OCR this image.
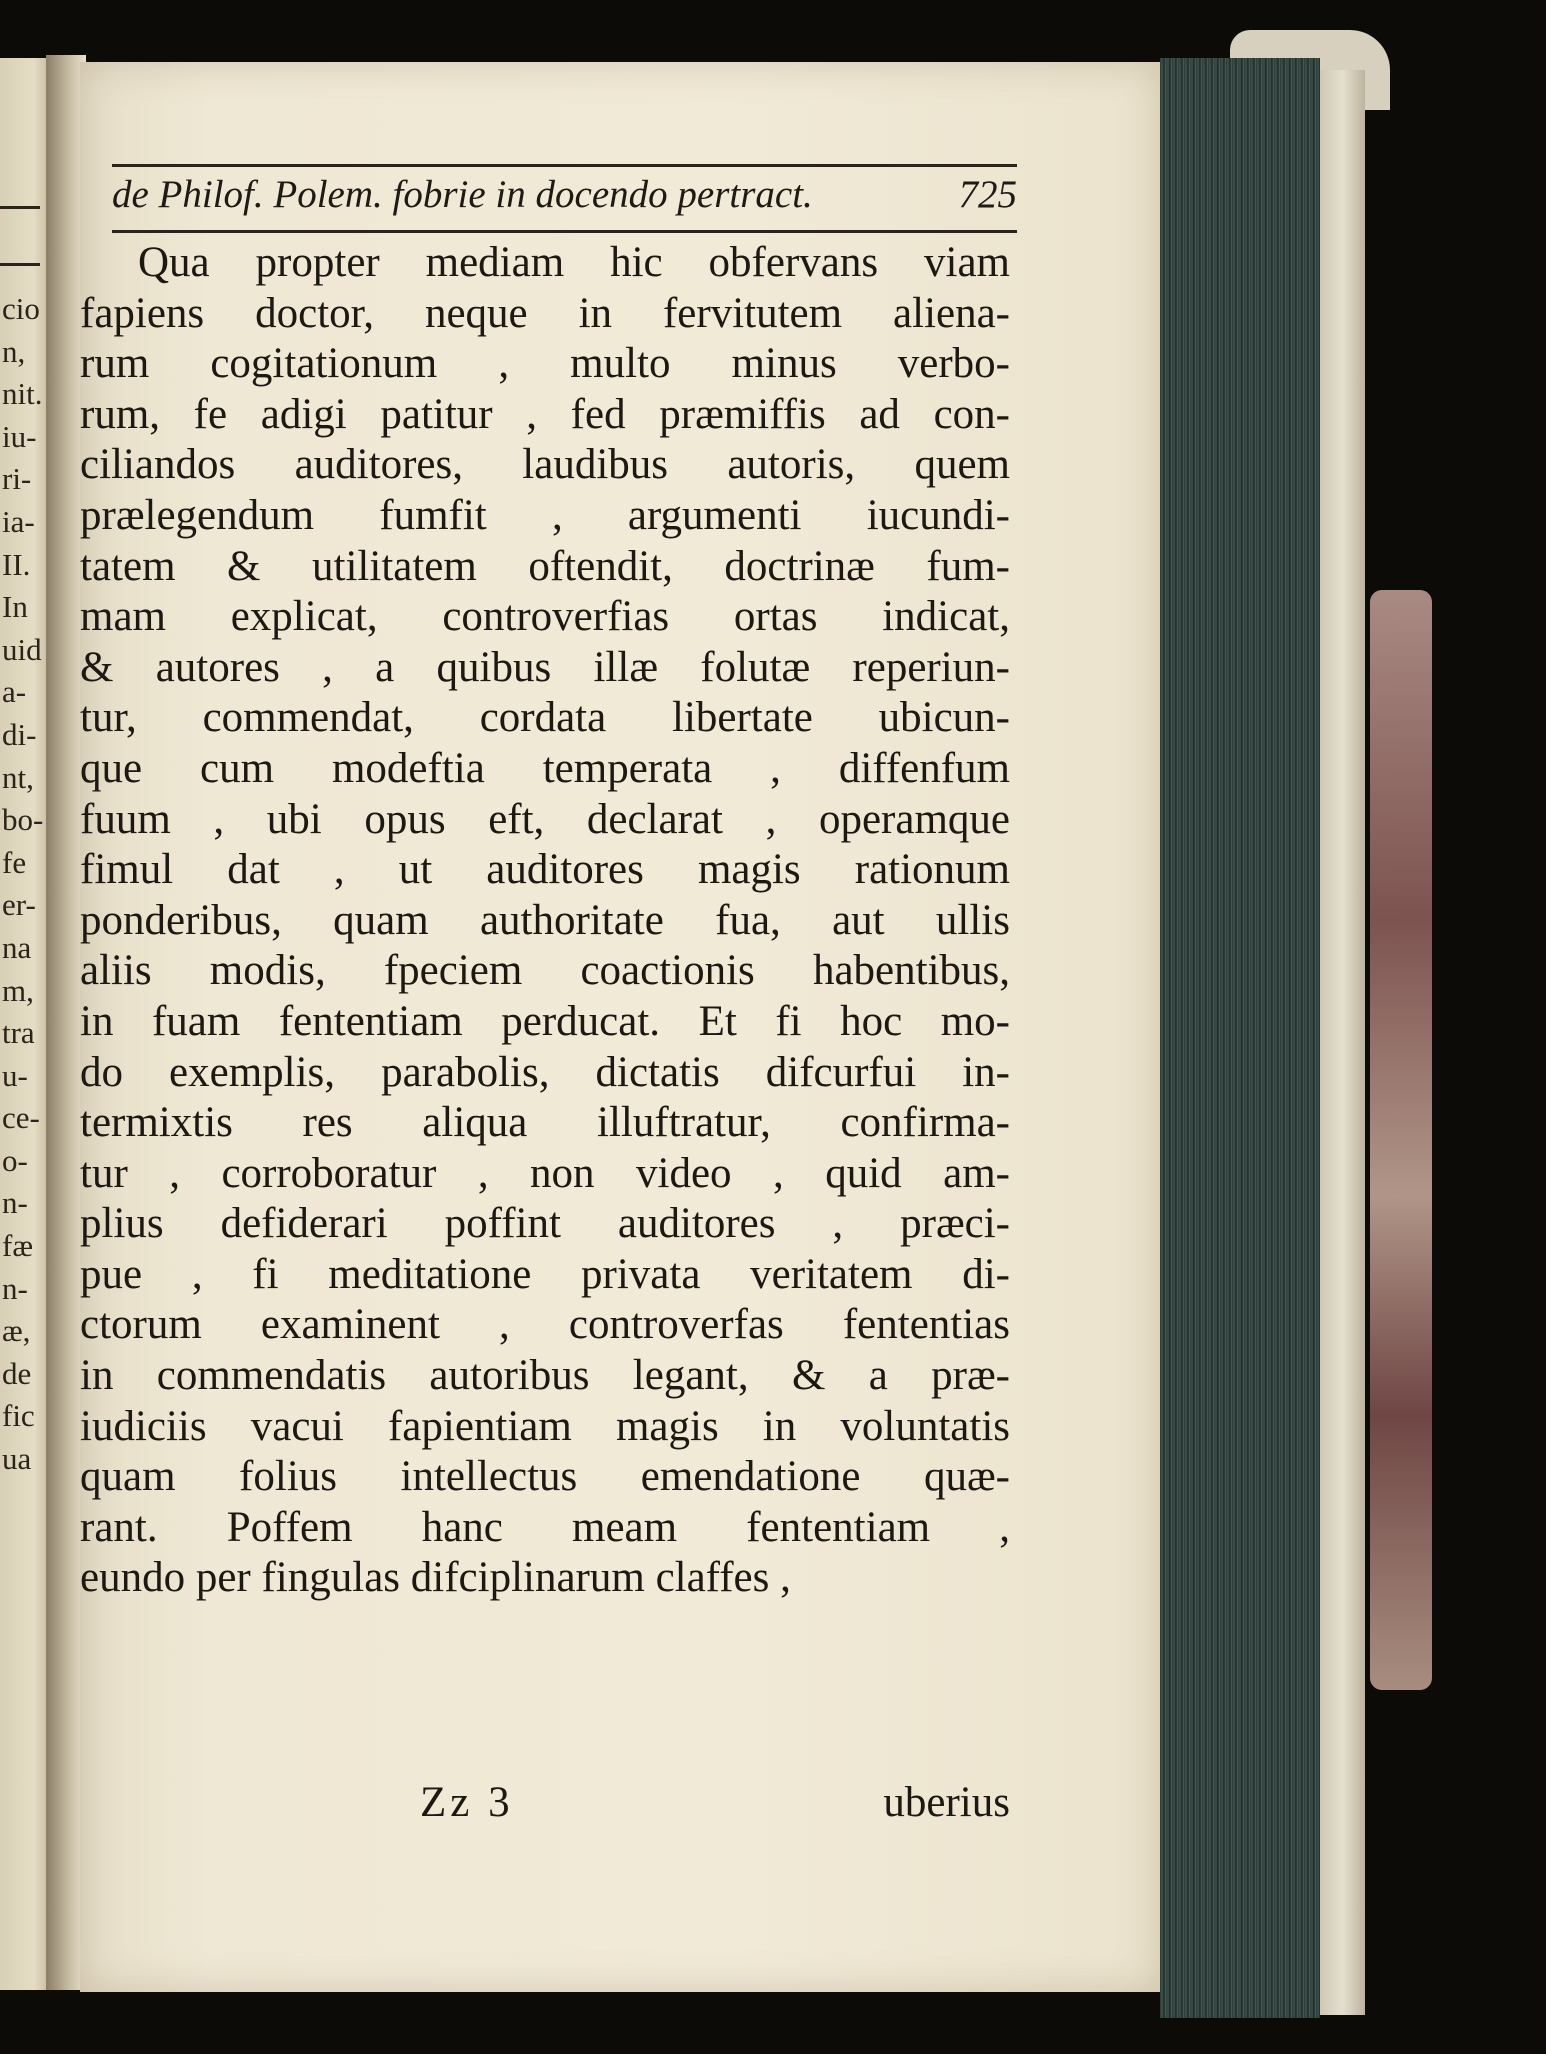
cio
n,
nit.
iu-
ri-
ia-
II.
In
uid
a-
di-
nt,
bo-
fe
er-
na
m,
tra
u-
ce-
o-
n-
fæ
n-
æ,
de
fic
ua
de Philof. Polem. fobrie in docendo pertract.	725
Qua propter mediam hic obfervans viam
fapiens doctor, neque in fervitutem aliena-
rum cogitationum , multo minus verbo-
rum, fe adigi patitur , fed præmiffis ad con-
ciliandos auditores, laudibus autoris, quem
prælegendum fumfit , argumenti iucundi-
tatem & utilitatem oftendit, doctrinæ fum-
mam explicat, controverfias ortas indicat,
& autores , a quibus illæ folutæ reperiun-
tur, commendat, cordata libertate ubicun-
que cum modeftia temperata , diffenfum
fuum , ubi opus eft, declarat , operamque
fimul dat , ut auditores magis rationum
ponderibus, quam authoritate fua, aut ullis
aliis modis, fpeciem coactionis habentibus,
in fuam fententiam perducat. Et fi hoc mo-
do exemplis, parabolis, dictatis difcurfui in-
termixtis res aliqua illuftratur, confirma-
tur , corroboratur , non video , quid am-
plius defiderari poffint auditores , præci-
pue , fi meditatione privata veritatem di-
ctorum examinent , controverfas fententias
in commendatis autoribus legant, & a præ-
iudiciis vacui fapientiam magis in voluntatis
quam folius intellectus emendatione quæ-
rant. Poffem hanc meam fententiam ,
eundo per fingulas difciplinarum claffes ,
Zz 3	uberius
